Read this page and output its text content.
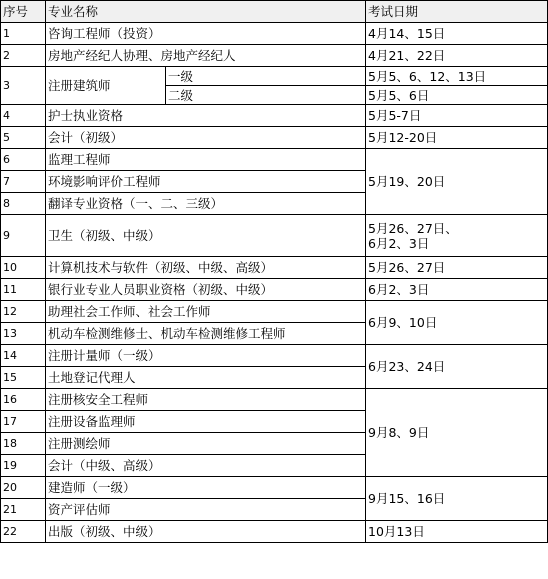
序号	专业名称		考试日期
1	咨询工程师（投资）		4月14、15日
2	房地产经纪人协理、房地产经纪人		4月21、22日
3	注册建筑师	一级	5月5、6、12、13日
		二级	5月5、6日
4	护士执业资格		5月5-7日
5	会计（初级）		5月12-20日
6	监理工程师		5月19、20日
7	环境影响评价工程师		
8	翻译专业资格（一、二、三级）		
9	卫生（初级、中级）		5月26、27日、
6月2、3日

10	计算机技术与软件（初级、中级、高级）		5月26、27日
11	银行业专业人员职业资格（初级、中级）		6月2、3日
12	助理社会工作师、社会工作师		6月9、10日
13	机动车检测维修士、机动车检测维修工程师		
14	注册计量师（一级）		6月23、24日
15	土地登记代理人		
16	注册核安全工程师		9月8、9日
17	注册设备监理师		
18	注册测绘师		
19	会计（中级、高级）		
20	建造师（一级）		9月15、16日
21	资产评估师		
22	出版（初级、中级）		10月13日
